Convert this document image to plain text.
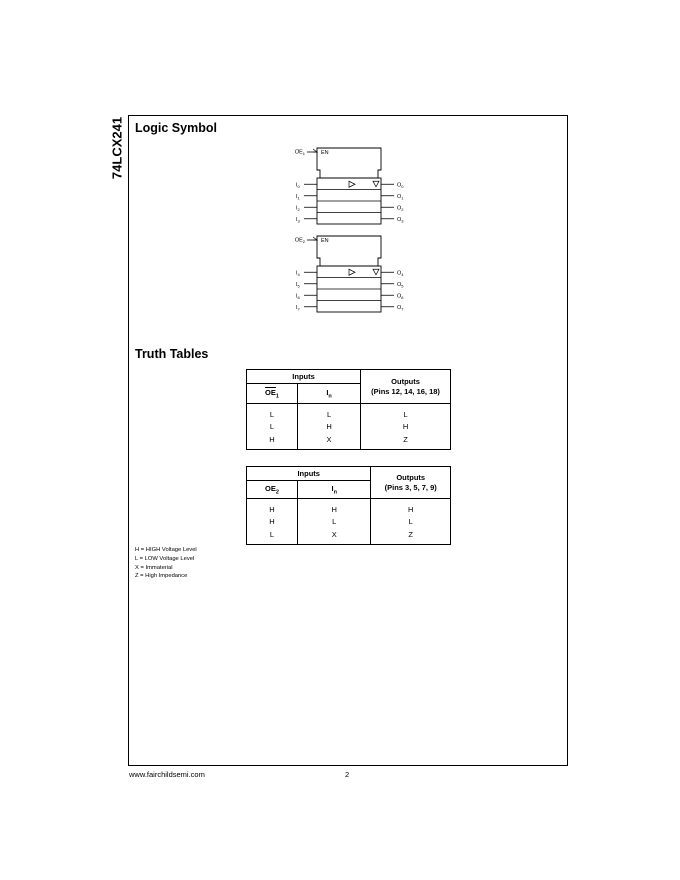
74LCX241 Logic Symbol
$OE_1$	EN
$I_0$	$O_0$
$I_1$	$O_1$
$I_2$	$O_2$
$I_3$	$O_3$
$OE_2$	EN
$I_4$	$O_4$
$I_5$	$O_5$
$I_6$	$O_6$
$I_7$	$O_7$
Truth Tables
Inputs		Outputs
(Pins 12, 14, 16, 18)

$\overline{OE}_1$	$I_n$
L	L	L
L	H	H
H	X	Z
Inputs		Outputs
(Pins 3, 5, 7, 9)

$OE_2$	$I_n$
H	H	H
H	L	L
L	X	Z
H = HIGH Voltage Level
L = LOW Voltage Level
X = Immaterial
Z = High Impedance
www.fairchildsemi.com	2
